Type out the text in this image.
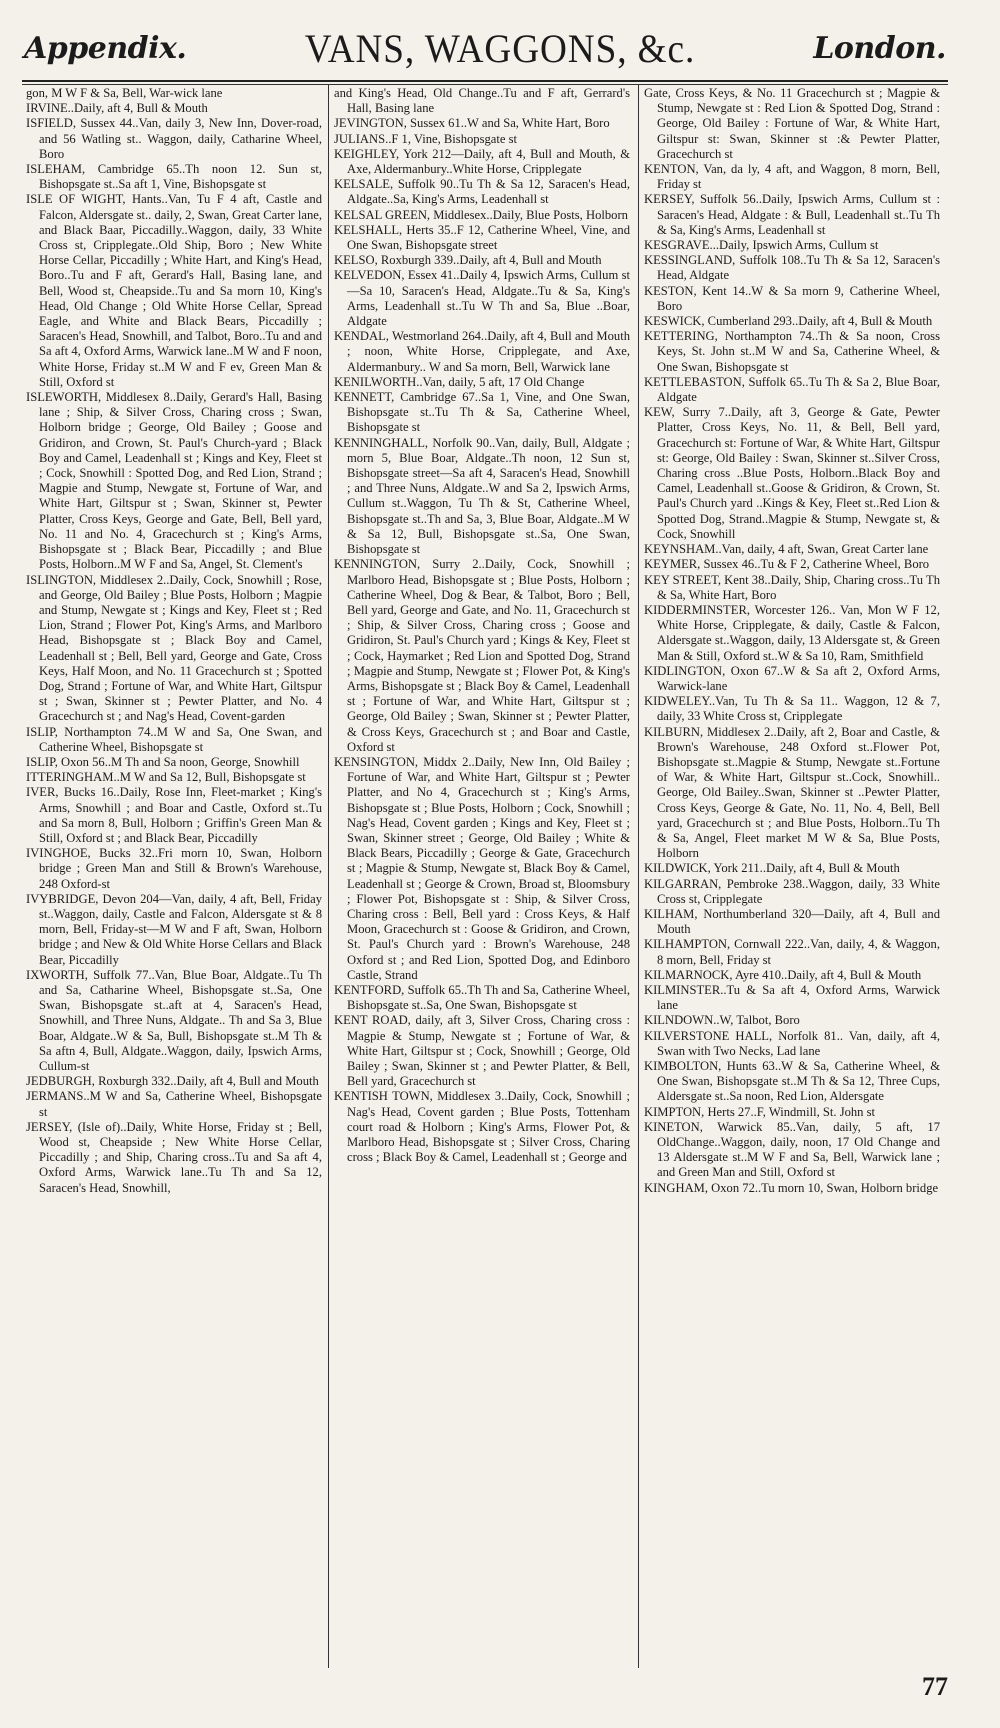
Appendix.	VANS, WAGGONS, &c.	London.

gon, M W F & Sa, Bell, War-wick lane

IRVINE..Daily, aft 4, Bull & Mouth

ISFIELD, Sussex 44..Van, daily 3, New Inn, Dover-road, and 56 Watling st.. Waggon, daily, Catharine Wheel, Boro

ISLEHAM, Cambridge 65..Th noon 12. Sun st, Bishopsgate st..Sa aft 1, Vine, Bishopsgate st

ISLE OF WIGHT, Hants..Van, Tu F 4 aft, Castle and Falcon, Aldersgate st.. daily, 2, Swan, Great Carter lane, and Black Baar, Piccadilly..Waggon, daily, 33 White Cross st, Cripplegate..Old Ship, Boro ; New White Horse Cellar, Piccadilly ; White Hart, and King's Head, Boro..Tu and F aft, Gerard's Hall, Basing lane, and Bell, Wood st, Cheapside..Tu and Sa morn 10, King's Head, Old Change ; Old White Horse Cellar, Spread Eagle, and White and Black Bears, Piccadilly ; Saracen's Head, Snowhill, and Talbot, Boro..Tu and and Sa aft 4, Oxford Arms, Warwick lane..M W and F noon, White Horse, Friday st..M W and F ev, Green Man & Still, Oxford st

ISLEWORTH, Middlesex 8..Daily, Gerard's Hall, Basing lane ; Ship, & Silver Cross, Charing cross ; Swan, Holborn bridge ; George, Old Bailey ; Goose and Gridiron, and Crown, St. Paul's Church-yard ; Black Boy and Camel, Leadenhall st ; Kings and Key, Fleet st ; Cock, Snowhill : Spotted Dog, and Red Lion, Strand ; Magpie and Stump, Newgate st, Fortune of War, and White Hart, Giltspur st ; Swan, Skinner st, Pewter Platter, Cross Keys, George and Gate, Bell, Bell yard, No. 11 and No. 4, Gracechurch st ; King's Arms, Bishopsgate st ; Black Bear, Piccadilly ; and Blue Posts, Holborn..M W F and Sa, Angel, St. Clement's

ISLINGTON, Middlesex 2..Daily, Cock, Snowhill ; Rose, and George, Old Bailey ; Blue Posts, Holborn ; Magpie and Stump, Newgate st ; Kings and Key, Fleet st ; Red Lion, Strand ; Flower Pot, King's Arms, and Marlboro Head, Bishopsgate st ; Black Boy and Camel, Leadenhall st ; Bell, Bell yard, George and Gate, Cross Keys, Half Moon, and No. 11 Gracechurch st ; Spotted Dog, Strand ; Fortune of War, and White Hart, Giltspur st ; Swan, Skinner st ; Pewter Platter, and No. 4 Gracechurch st ; and Nag's Head, Covent-garden

ISLIP, Northampton 74..M W and Sa, One Swan, and Catherine Wheel, Bishopsgate st

ISLIP, Oxon 56..M Th and Sa noon, George, Snowhill

ITTERINGHAM..M W and Sa 12, Bull, Bishopsgate st

IVER, Bucks 16..Daily, Rose Inn, Fleet-market ; King's Arms, Snowhill ; and Boar and Castle, Oxford st..Tu and Sa morn 8, Bull, Holborn ; Griffin's Green Man & Still, Oxford st ; and Black Bear, Piccadilly

IVINGHOE, Bucks 32..Fri morn 10, Swan, Holborn bridge ; Green Man and Still & Brown's Warehouse, 248 Oxford-st

IVYBRIDGE, Devon 204—Van, daily, 4 aft, Bell, Friday st..Waggon, daily, Castle and Falcon, Aldersgate st & 8 morn, Bell, Friday-st—M W and F aft, Swan, Holborn bridge ; and New & Old White Horse Cellars and Black Bear, Piccadilly

IXWORTH, Suffolk 77..Van, Blue Boar, Aldgate..Tu Th and Sa, Catharine Wheel, Bishopsgate st..Sa, One Swan, Bishopsgate st..aft at 4, Saracen's Head, Snowhill, and Three Nuns, Aldgate.. Th and Sa 3, Blue Boar, Aldgate..W & Sa, Bull, Bishopsgate st..M Th & Sa aftn 4, Bull, Aldgate..Waggon, daily, Ipswich Arms, Cullum-st

JEDBURGH, Roxburgh 332..Daily, aft 4, Bull and Mouth

JERMANS..M W and Sa, Catherine Wheel, Bishopsgate st

JERSEY, (Isle of)..Daily, White Horse, Friday st ; Bell, Wood st, Cheapside ; New White Horse Cellar, Piccadilly ; and Ship, Charing cross..Tu and Sa aft 4, Oxford Arms, Warwick lane..Tu Th and Sa 12, Saracen's Head, Snowhill,

and King's Head, Old Change..Tu and F aft, Gerrard's Hall, Basing lane

JEVINGTON, Sussex 61..W and Sa, White Hart, Boro

JULIANS..F 1, Vine, Bishopsgate st

KEIGHLEY, York 212—Daily, aft 4, Bull and Mouth, & Axe, Aldermanbury..White Horse, Cripplegate

KELSALE, Suffolk 90..Tu Th & Sa 12, Saracen's Head, Aldgate..Sa, King's Arms, Leadenhall st

KELSAL GREEN, Middlesex..Daily, Blue Posts, Holborn

KELSHALL, Herts 35..F 12, Catherine Wheel, Vine, and One Swan, Bishopsgate street

KELSO, Roxburgh 339..Daily, aft 4, Bull and Mouth

KELVEDON, Essex 41..Daily 4, Ipswich Arms, Cullum st—Sa 10, Saracen's Head, Aldgate..Tu & Sa, King's Arms, Leadenhall st..Tu W Th and Sa, Blue ..Boar, Aldgate

KENDAL, Westmorland 264..Daily, aft 4, Bull and Mouth ; noon, White Horse, Cripplegate, and Axe, Aldermanbury.. W and Sa morn, Bell, Warwick lane

KENILWORTH..Van, daily, 5 aft, 17 Old Change

KENNETT, Cambridge 67..Sa 1, Vine, and One Swan, Bishopsgate st..Tu Th & Sa, Catherine Wheel, Bishopsgate st

KENNINGHALL, Norfolk 90..Van, daily, Bull, Aldgate ; morn 5, Blue Boar, Aldgate..Th noon, 12 Sun st, Bishopsgate street—Sa aft 4, Saracen's Head, Snowhill ; and Three Nuns, Aldgate..W and Sa 2, Ipswich Arms, Cullum st..Waggon, Tu Th & St, Catherine Wheel, Bishopsgate st..Th and Sa, 3, Blue Boar, Aldgate..M W & Sa 12, Bull, Bishopsgate st..Sa, One Swan, Bishopsgate st

KENNINGTON, Surry 2..Daily, Cock, Snowhill ; Marlboro Head, Bishopsgate st ; Blue Posts, Holborn ; Catherine Wheel, Dog & Bear, & Talbot, Boro ; Bell, Bell yard, George and Gate, and No. 11, Gracechurch st ; Ship, & Silver Cross, Charing cross ; Goose and Gridiron, St. Paul's Church yard ; Kings & Key, Fleet st ; Cock, Haymarket ; Red Lion and Spotted Dog, Strand ; Magpie and Stump, Newgate st ; Flower Pot, & King's Arms, Bishopsgate st ; Black Boy & Camel, Leadenhall st ; Fortune of War, and White Hart, Giltspur st ; George, Old Bailey ; Swan, Skinner st ; Pewter Platter, & Cross Keys, Gracechurch st ; and Boar and Castle, Oxford st

KENSINGTON, Middx 2..Daily, New Inn, Old Bailey ; Fortune of War, and White Hart, Giltspur st ; Pewter Platter, and No 4, Gracechurch st ; King's Arms, Bishopsgate st ; Blue Posts, Holborn ; Cock, Snowhill ; Nag's Head, Covent garden ; Kings and Key, Fleet st ; Swan, Skinner street ; George, Old Bailey ; White & Black Bears, Piccadilly ; George & Gate, Gracechurch st ; Magpie & Stump, Newgate st, Black Boy & Camel, Leadenhall st ; George & Crown, Broad st, Bloomsbury ; Flower Pot, Bishopsgate st : Ship, & Silver Cross, Charing cross : Bell, Bell yard : Cross Keys, & Half Moon, Gracechurch st : Goose & Gridiron, and Crown, St. Paul's Church yard : Brown's Warehouse, 248 Oxford st ; and Red Lion, Spotted Dog, and Edinboro Castle, Strand

KENTFORD, Suffolk 65..Th Th and Sa, Catherine Wheel, Bishopsgate st..Sa, One Swan, Bishopsgate st

KENT ROAD, daily, aft 3, Silver Cross, Charing cross : Magpie & Stump, Newgate st ; Fortune of War, & White Hart, Giltspur st ; Cock, Snowhill ; George, Old Bailey ; Swan, Skinner st ; and Pewter Platter, & Bell, Bell yard, Gracechurch st

KENTISH TOWN, Middlesex 3..Daily, Cock, Snowhill ; Nag's Head, Covent garden ; Blue Posts, Tottenham court road & Holborn ; King's Arms, Flower Pot, & Marlboro Head, Bishopsgate st ; Silver Cross, Charing cross ; Black Boy & Camel, Leadenhall st ; George and

Gate, Cross Keys, & No. 11 Gracechurch st ; Magpie & Stump, Newgate st : Red Lion & Spotted Dog, Strand : George, Old Bailey : Fortune of War, & White Hart, Giltspur st: Swan, Skinner st :& Pewter Platter, Gracechurch st

KENTON, Van, da ly, 4 aft, and Waggon, 8 morn, Bell, Friday st

KERSEY, Suffolk 56..Daily, Ipswich Arms, Cullum st : Saracen's Head, Aldgate : & Bull, Leadenhall st..Tu Th & Sa, King's Arms, Leadenhall st

KESGRAVE...Daily, Ipswich Arms, Cullum st

KESSINGLAND, Suffolk 108..Tu Th & Sa 12, Saracen's Head, Aldgate

KESTON, Kent 14..W & Sa morn 9, Catherine Wheel, Boro

KESWICK, Cumberland 293..Daily, aft 4, Bull & Mouth

KETTERING, Northampton 74..Th & Sa noon, Cross Keys, St. John st..M W and Sa, Catherine Wheel, & One Swan, Bishopsgate st

KETTLEBASTON, Suffolk 65..Tu Th & Sa 2, Blue Boar, Aldgate

KEW, Surry 7..Daily, aft 3, George & Gate, Pewter Platter, Cross Keys, No. 11, & Bell, Bell yard, Gracechurch st: Fortune of War, & White Hart, Giltspur st: George, Old Bailey : Swan, Skinner st..Silver Cross, Charing cross ..Blue Posts, Holborn..Black Boy and Camel, Leadenhall st..Goose & Gridiron, & Crown, St. Paul's Church yard ..Kings & Key, Fleet st..Red Lion & Spotted Dog, Strand..Magpie & Stump, Newgate st, & Cock, Snowhill

KEYNSHAM..Van, daily, 4 aft, Swan, Great Carter lane

KEYMER, Sussex 46..Tu & F 2, Catherine Wheel, Boro

KEY STREET, Kent 38..Daily, Ship, Charing cross..Tu Th & Sa, White Hart, Boro

KIDDERMINSTER, Worcester 126.. Van, Mon W F 12, White Horse, Cripplegate, & daily, Castle & Falcon, Aldersgate st..Waggon, daily, 13 Aldersgate st, & Green Man & Still, Oxford st..W & Sa 10, Ram, Smithfield

KIDLINGTON, Oxon 67..W & Sa aft 2, Oxford Arms, Warwick-lane

KIDWELEY..Van, Tu Th & Sa 11.. Waggon, 12 & 7, daily, 33 White Cross st, Cripplegate

KILBURN, Middlesex 2..Daily, aft 2, Boar and Castle, & Brown's Warehouse, 248 Oxford st..Flower Pot, Bishopsgate st..Magpie & Stump, Newgate st..Fortune of War, & White Hart, Giltspur st..Cock, Snowhill.. George, Old Bailey..Swan, Skinner st ..Pewter Platter, Cross Keys, George & Gate, No. 11, No. 4, Bell, Bell yard, Gracechurch st ; and Blue Posts, Holborn..Tu Th & Sa, Angel, Fleet market M W & Sa, Blue Posts, Holborn

KILDWICK, York 211..Daily, aft 4, Bull & Mouth

KILGARRAN, Pembroke 238..Waggon, daily, 33 White Cross st, Cripplegate

KILHAM, Northumberland 320—Daily, aft 4, Bull and Mouth

KILHAMPTON, Cornwall 222..Van, daily, 4, & Waggon, 8 morn, Bell, Friday st

KILMARNOCK, Ayre 410..Daily, aft 4, Bull & Mouth

KILMINSTER..Tu & Sa aft 4, Oxford Arms, Warwick lane

KILNDOWN..W, Talbot, Boro

KILVERSTONE HALL, Norfolk 81.. Van, daily, aft 4, Swan with Two Necks, Lad lane

KIMBOLTON, Hunts 63..W & Sa, Catherine Wheel, & One Swan, Bishopsgate st..M Th & Sa 12, Three Cups, Aldersgate st..Sa noon, Red Lion, Aldersgate

KIMPTON, Herts 27..F, Windmill, St. John st

KINETON, Warwick 85..Van, daily, 5 aft, 17 OldChange..Waggon, daily, noon, 17 Old Change and 13 Aldersgate st..M W F and Sa, Bell, Warwick lane ; and Green Man and Still, Oxford st

KINGHAM, Oxon 72..Tu morn 10, Swan, Holborn bridge

77
